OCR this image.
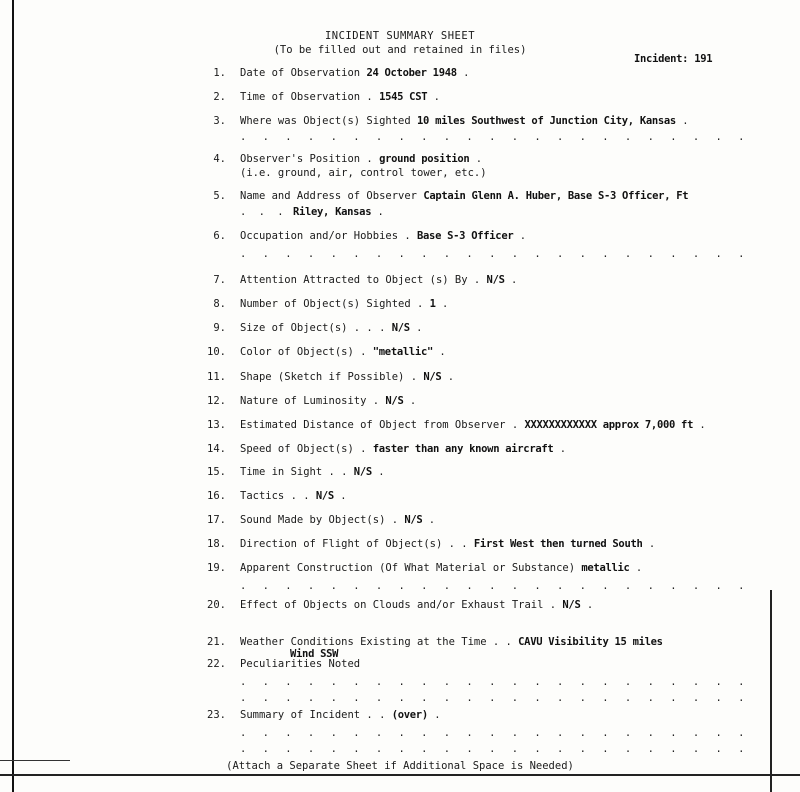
INCIDENT SUMMARY SHEET
(To be filled out and retained in files)
Incident: 191
1. Date of Observation 24 October 1948 .
2. Time of Observation . 1545 CST .
3. Where was Object(s) Sighted 10 miles Southwest of Junction City, Kansas .
. . . . . . . . . . . . . . . . . . . . . . .
4. Observer's Position . ground position .
(i.e. ground, air, control tower, etc.)
5. Name and Address of Observer Captain Glenn A. Huber, Base S-3 Officer, Ft
. . . Riley, Kansas .
6. Occupation and/or Hobbies . Base S-3 Officer .
. . . . . . . . . . . . . . . . . . . . . . .
7. Attention Attracted to Object (s) By . N/S .
8. Number of Object(s) Sighted . 1 .
9. Size of Object(s) . . . N/S .
10. Color of Object(s) . "metallic" .
11. Shape (Sketch if Possible) . N/S .
12. Nature of Luminosity . N/S .
13. Estimated Distance of Object from Observer . XXXXXXXXXXXX approx 7,000 ft .
14. Speed of Object(s) . faster than any known aircraft .
15. Time in Sight . . N/S .
16. Tactics . . N/S .
17. Sound Made by Object(s) . N/S .
18. Direction of Flight of Object(s) . . First West then turned South .
19. Apparent Construction (Of What Material or Substance) metallic .
. . . . . . . . . . . . . . . . . . . . . . .
20. Effect of Objects on Clouds and/or Exhaust Trail . N/S .
21. Weather Conditions Existing at the Time . . CAVU Visibility 15 miles
Wind SSW
22. Peculiarities Noted
. . . . . . . . . . . . . . . . . . . . . . .
. . . . . . . . . . . . . . . . . . . . . . .
23. Summary of Incident . . (over) .
. . . . . . . . . . . . . . . . . . . . . . .
. . . . . . . . . . . . . . . . . . . . . . .
(Attach a Separate Sheet if Additional Space is Needed)
